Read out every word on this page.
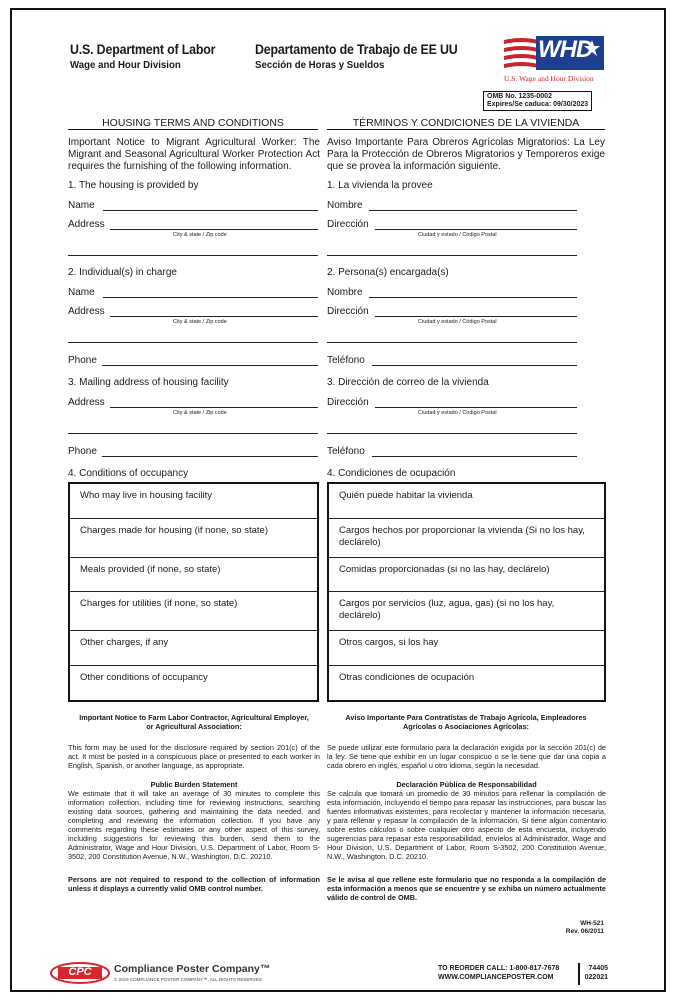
U.S. Department of Labor
Wage and Hour Division
Departamento de Trabajo de EE UU
Sección de Horas y Sueldos
WHD
U.S. Wage and Hour Division
OMB No. 1235-0002
Expires/Se caduca: 09/30/2023
HOUSING TERMS AND CONDITIONS
Important Notice to Migrant Agricultural Worker: The Migrant and Seasonal Agricultural Worker Protection Act requires the furnishing of the following information.
1. The housing is provided by
Name
Address
City & state / Zip code
2. Individual(s) in charge
Name
Address
City & state / Zip code
Phone
3. Mailing address of housing facility
Address
City & state / Zip code
Phone
4. Conditions of occupancy
Who may live in housing facility
Charges made for housing (if none, so state)
Meals provided (if none, so state)
Charges for utilities (if none, so state)
Other charges, if any
Other conditions of occupancy
TÉRMINOS Y CONDICIONES DE LA VIVIENDA
Aviso Importante Para Obreros Agrícolas Migratorios: La Ley Para la Protección de Obreros Migratorios y Temporeros exige que se provea la información siguiente.
1. La vivienda la provee
Nombre
Dirección
Ciudad y estado / Código Postal
2. Persona(s) encargada(s)
Nombre
Dirección
Ciudad y estado / Código Postal
Teléfono
3. Dirección de correo de la vivienda
Dirección
Ciudad y estado / Código Postal
Teléfono
4. Condiciones de ocupación
Quién puede habitar la vivienda
Cargos hechos por proporcionar la vivienda (Si no los hay, declárelo)
Comidas proporcionadas (si no las hay, declárelo)
Cargos por servicios (luz, agua, gas) (si no los hay, declárelo)
Otros cargos, si los hay
Otras condiciones de ocupación
Important Notice to Farm Labor Contractor, Agricultural Employer, or Agricultural Association:
This form may be used for the disclosure required by section 201(c) of the act. It must be posted in a conspicuous place or presented to each worker in English, Spanish, or another language, as appropriate.
Public Burden Statement
We estimate that it will take an average of 30 minutes to complete this information collection, including time for reviewing instructions, searching existing data sources, gathering and maintaining the data needed, and completing and reviewing the information collection. If you have any comments regarding these estimates or any other aspect of this survey, including suggestions for reviewing this burden, send them to the Administrator, Wage and Hour Division, U.S. Department of Labor, Room S-3502, 200 Constitution Avenue, N.W., Washington, D.C. 20210.
Persons are not required to respond to the collection of information unless it displays a currently valid OMB control number.
Aviso Importante Para Contratistas de Trabajo Agrícola, Empleadores Agrícolas o Asociaciones Agrícolas:
Se puede utilizar este formulario para la declaración exigida por la sección 201(c) de la ley. Se tiene que exhibir en un lugar conspicuo o se le tiene que dar una copia a cada obrero en inglés, español u otro idioma, según la necesidad.
Declaración Pública de Responsabilidad
Se calcula que tomará un promedio de 30 minutos para rellenar la compilación de esta información, incluyendo el tiempo para repasar las instrucciones, para buscar las fuentes informativas existentes, para recolectar y mantener la información necesaria, y para rellenar y repasar la compilación de la información. Si tiene algún comentario sobre estos cálculos o sobre cualquier otro aspecto de esta encuesta, incluyendo sugerencias para repasar esta responsabilidad, envíelos al Administrador, Wage and Hour Division, U.S. Department of Labor, Room S-3502, 200 Constitution Avenue, N.W., Washington, D.C. 20210.
Se le avisa al que rellene este formulario que no responda a la compilación de esta información a menos que se encuentre y se exhiba un número actualmente válido de control de OMB.
WH-521
Rev. 06/2011
CPC	Compliance Poster Company™
© 2019 COMPLIANCE POSTER COMPANY™. ALL RIGHTS RESERVED.
TO REORDER CALL: 1-800-817-7678
WWW.COMPLIANCEPOSTER.COM
74405
022021
